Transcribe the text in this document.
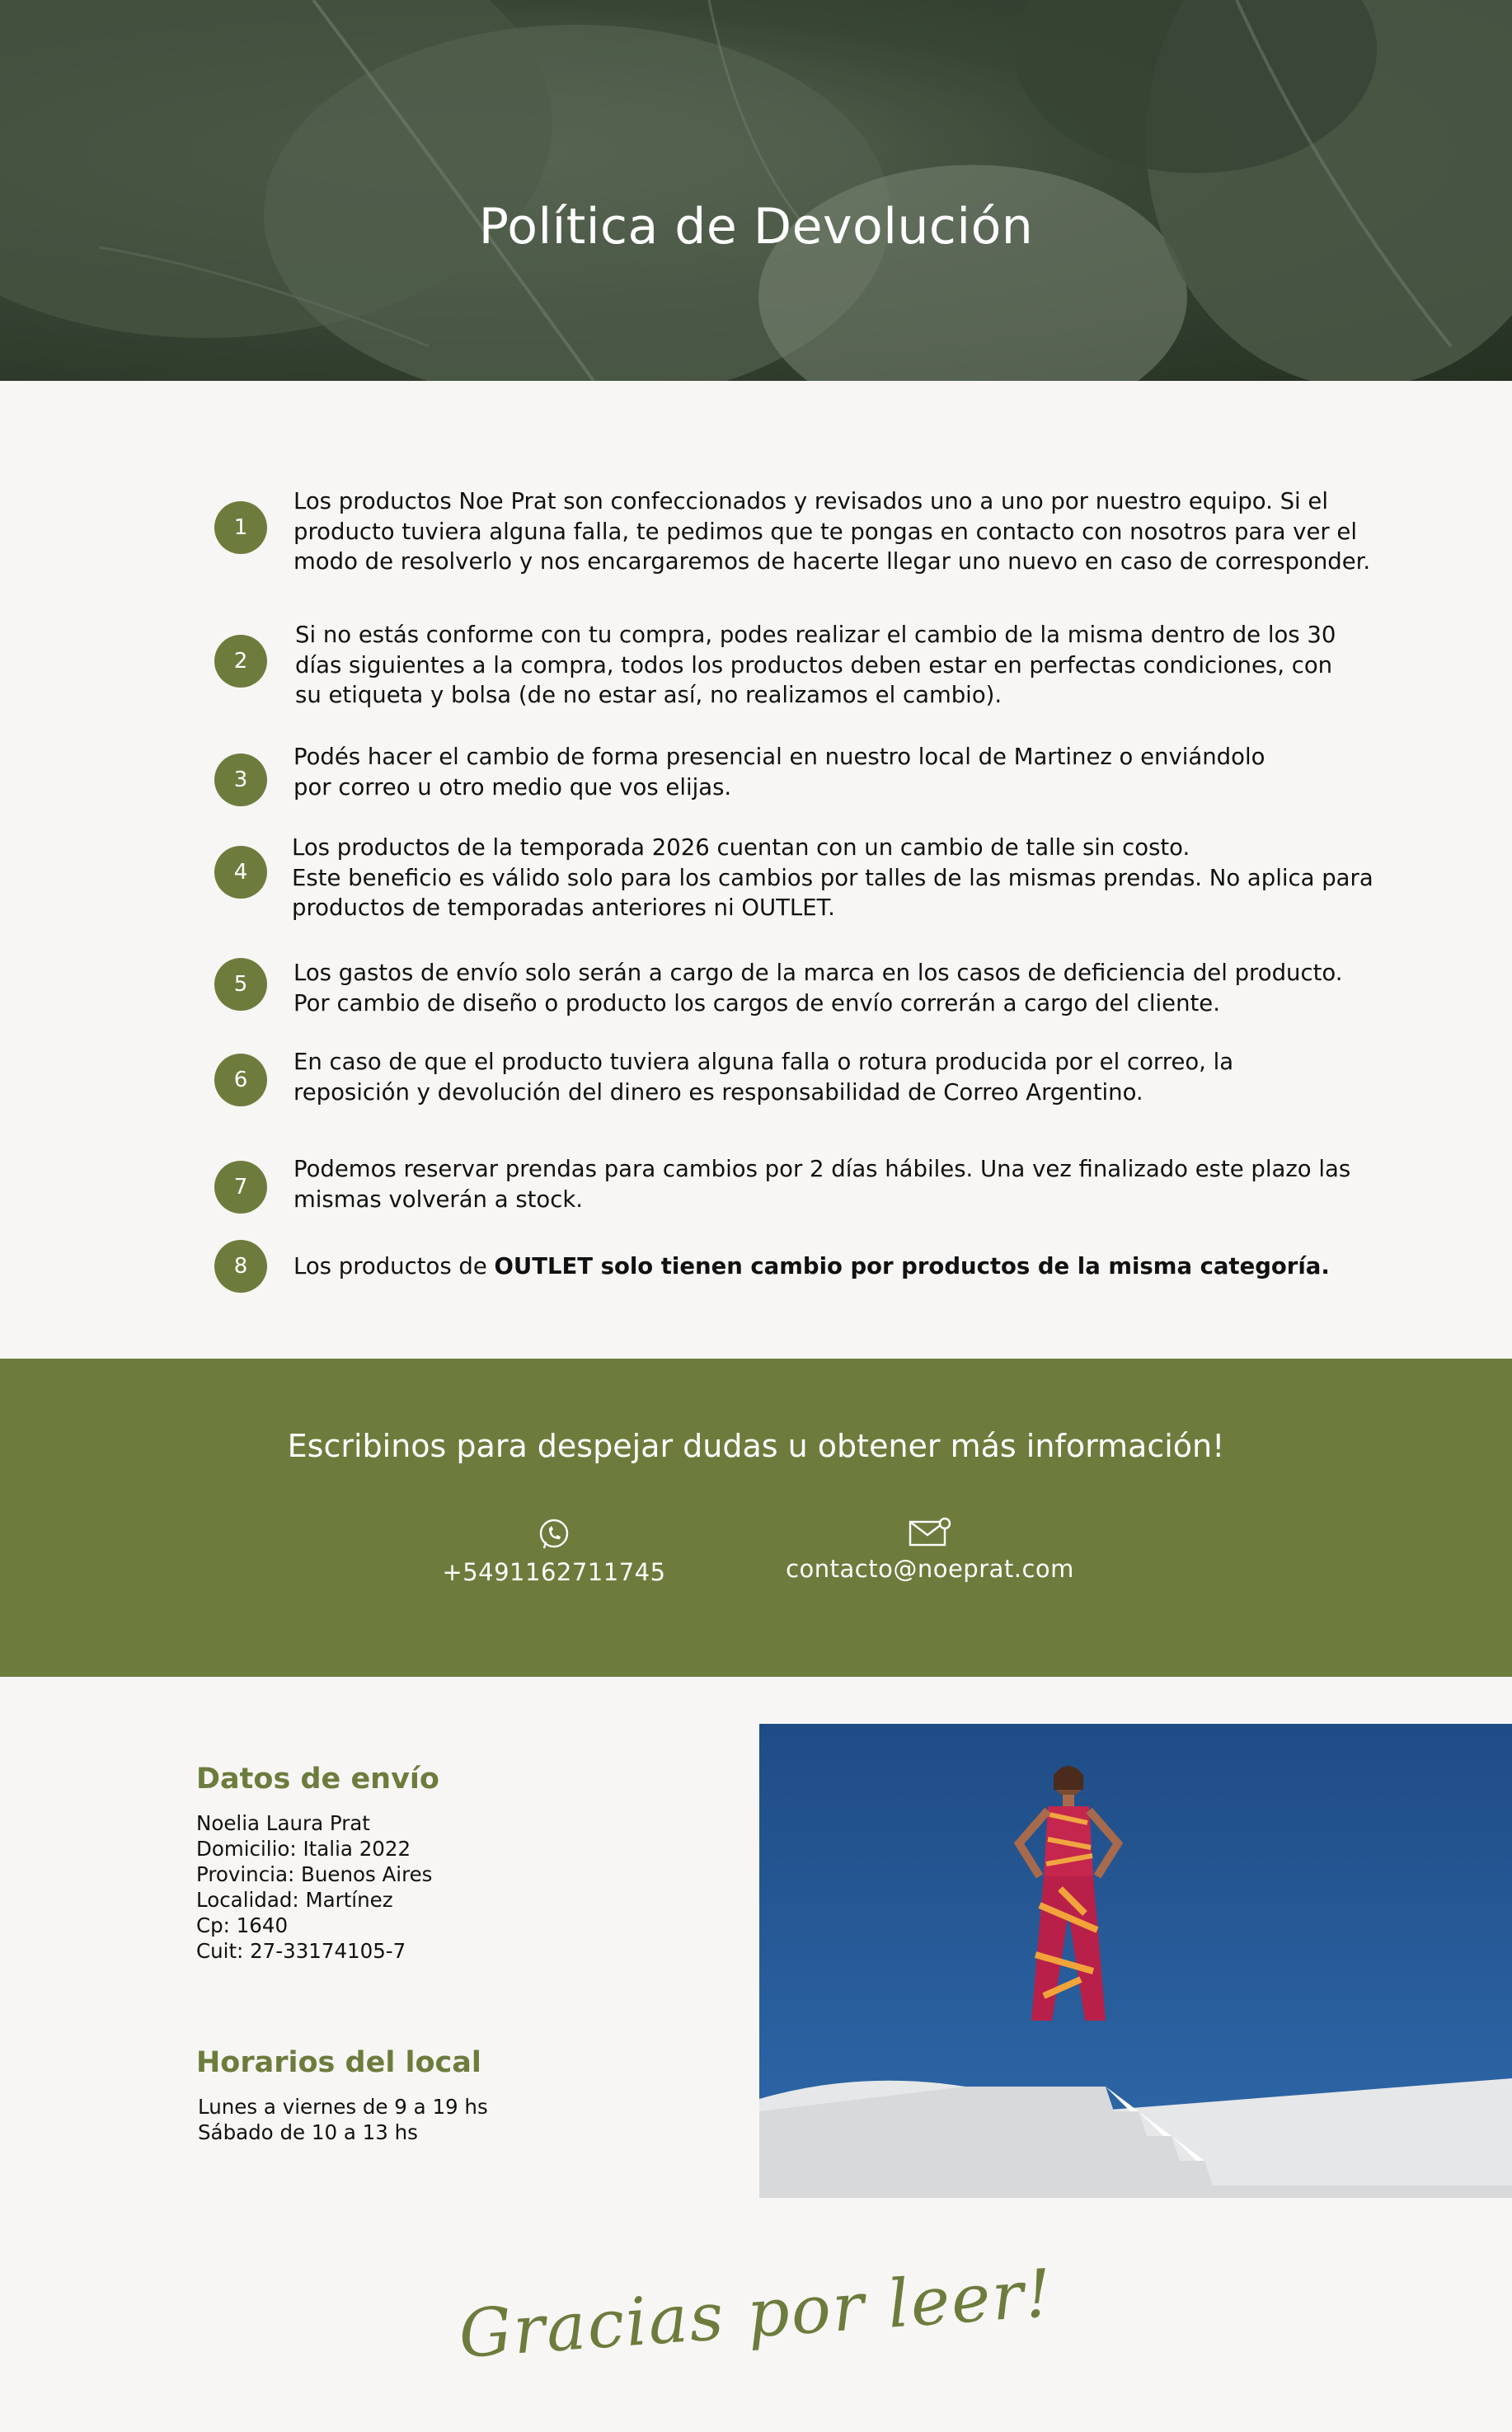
Política de Devolución
1
Los productos Noe Prat son confeccionados y revisados uno a uno por nuestro equipo. Si el producto tuviera alguna falla, te pedimos que te pongas en contacto con nosotros para ver el modo de resolverlo y nos encargaremos de hacerte llegar uno nuevo en caso de corresponder.
2
Si no estás conforme con tu compra, podes realizar el cambio de la misma dentro de los 30 días siguientes a la compra, todos los productos deben estar en perfectas condiciones, con su etiqueta y bolsa (de no estar así, no realizamos el cambio).
3
Podés hacer el cambio de forma presencial en nuestro local de Martinez o enviándolo por correo u otro medio que vos elijas.
4
Los productos de la temporada 2026 cuentan con un cambio de talle sin costo.
Este beneficio es válido solo para los cambios por talles de las mismas prendas. No aplica para productos de temporadas anteriores ni OUTLET.
5	Los gastos de envío solo serán a cargo de la marca en los casos de deficiencia del producto.
Por cambio de diseño o producto los cargos de envío correrán a cargo del cliente.
6
En caso de que el producto tuviera alguna falla o rotura producida por el correo, la reposición y devolución del dinero es responsabilidad de Correo Argentino.
7
Podemos reservar prendas para cambios por 2 días hábiles. Una vez finalizado este plazo las mismas volverán a stock.
8	Los productos de OUTLET solo tienen cambio por productos de la misma categoría.
Escribinos para despejar dudas u obtener más información!
+5491162711745	contacto@noeprat.com
Datos de envío
Noelia Laura Prat
Domicilio: Italia 2022
Provincia: Buenos Aires
Localidad: Martínez
Cp: 1640
Cuit: 27-33174105-7
Horarios del local
Lunes a viernes de 9 a 19 hs
Sábado de 10 a 13 hs
Gracias por leer!
